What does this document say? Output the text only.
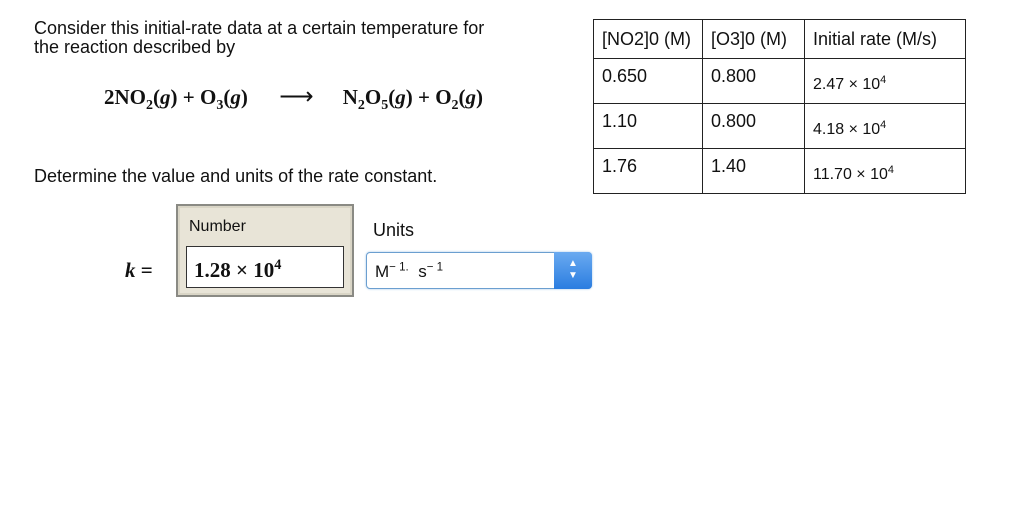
Consider this initial-rate data at a certain temperature for
the reaction described by
$2NO_2(g) + O_3(g)$ ⟶ $N_2O_5(g) + O_2(g)$
Determine the value and units of the rate constant.
[NO2]0 (M)	[O3]0 (M)	Initial rate (M/s)
0.650	0.800	$2.47 \times 10^4$
1.10	0.800	$4.18 \times 10^4$
1.76	1.40	$11.70 \times 10^4$
k =
Number
$1.28 \times 10^4$
Units
$M^{- 1.}$ $s^{- 1}$	▲
▼
